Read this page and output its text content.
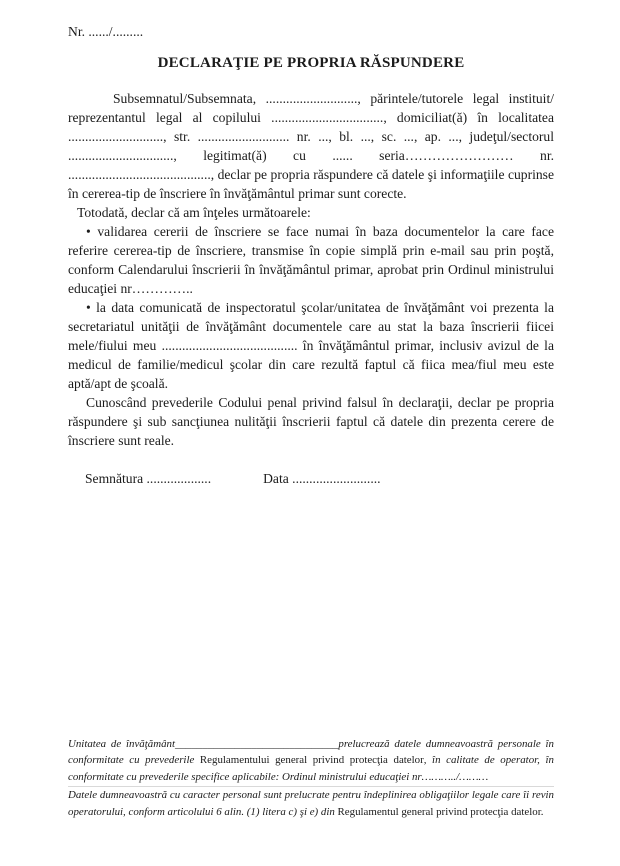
Nr. ....../.........
DECLARAŢIE PE PROPRIA RĂSPUNDERE

Subsemnatul/Subsemnata, ..........................., părintele/tutorele legal instituit/​reprezentantul legal al copilului ................................., domiciliat(ă) în localitatea ............................, str. ........................... nr. ..., bl. ..., sc. ..., ap. ..., judeţul/​sectorul ..............................., legitimat(ă) cu ...... seria…………………… nr. .........................................., declar pe propria răspundere că datele şi informaţiile cuprinse în cererea-tip de înscriere în învăţământul primar sunt corecte.

Totodată, declar că am înţeles următoarele:

• validarea cererii de înscriere se face numai în baza documentelor la care face referire cererea-tip de înscriere, transmise în copie simplă prin e-mail sau prin poştă, conform Calendarului înscrierii în învăţământul primar, aprobat prin Ordinul ministrului educaţiei nr…………..

• la data comunicată de inspectoratul şcolar/unitatea de învăţământ voi prezenta la secretariatul unităţii de învăţământ documentele care au stat la baza înscrierii fiicei mele/fiului meu ........................................ în învăţământul primar, inclusiv avizul de la medicul de familie/medicul şcolar din care rezultă faptul că fiica mea/fiul meu este aptă/apt de şcoală.

Cunoscând prevederile Codului penal privind falsul în declaraţii, declar pe propria răspundere şi sub sancţiunea nulităţii înscrierii faptul că datele din prezenta cerere de înscriere sunt reale.

Semnătura ...................	Data ..........................

Unitatea de învăţământ______________________________prelucrează datele dumneavoastră personale în conformitate cu prevederile Regulamentului general privind protecţia datelor, în calitate de operator, în conformitate cu prevederile specifice aplicabile: Ordinul ministrului educaţiei nr………../………

Datele dumneavoastră cu caracter personal sunt prelucrate pentru îndeplinirea obligaţiilor legale care îi revin operatorului, conform articolului 6 alin. (1) litera c) şi e) din Regulamentul general privind protecţia datelor.
